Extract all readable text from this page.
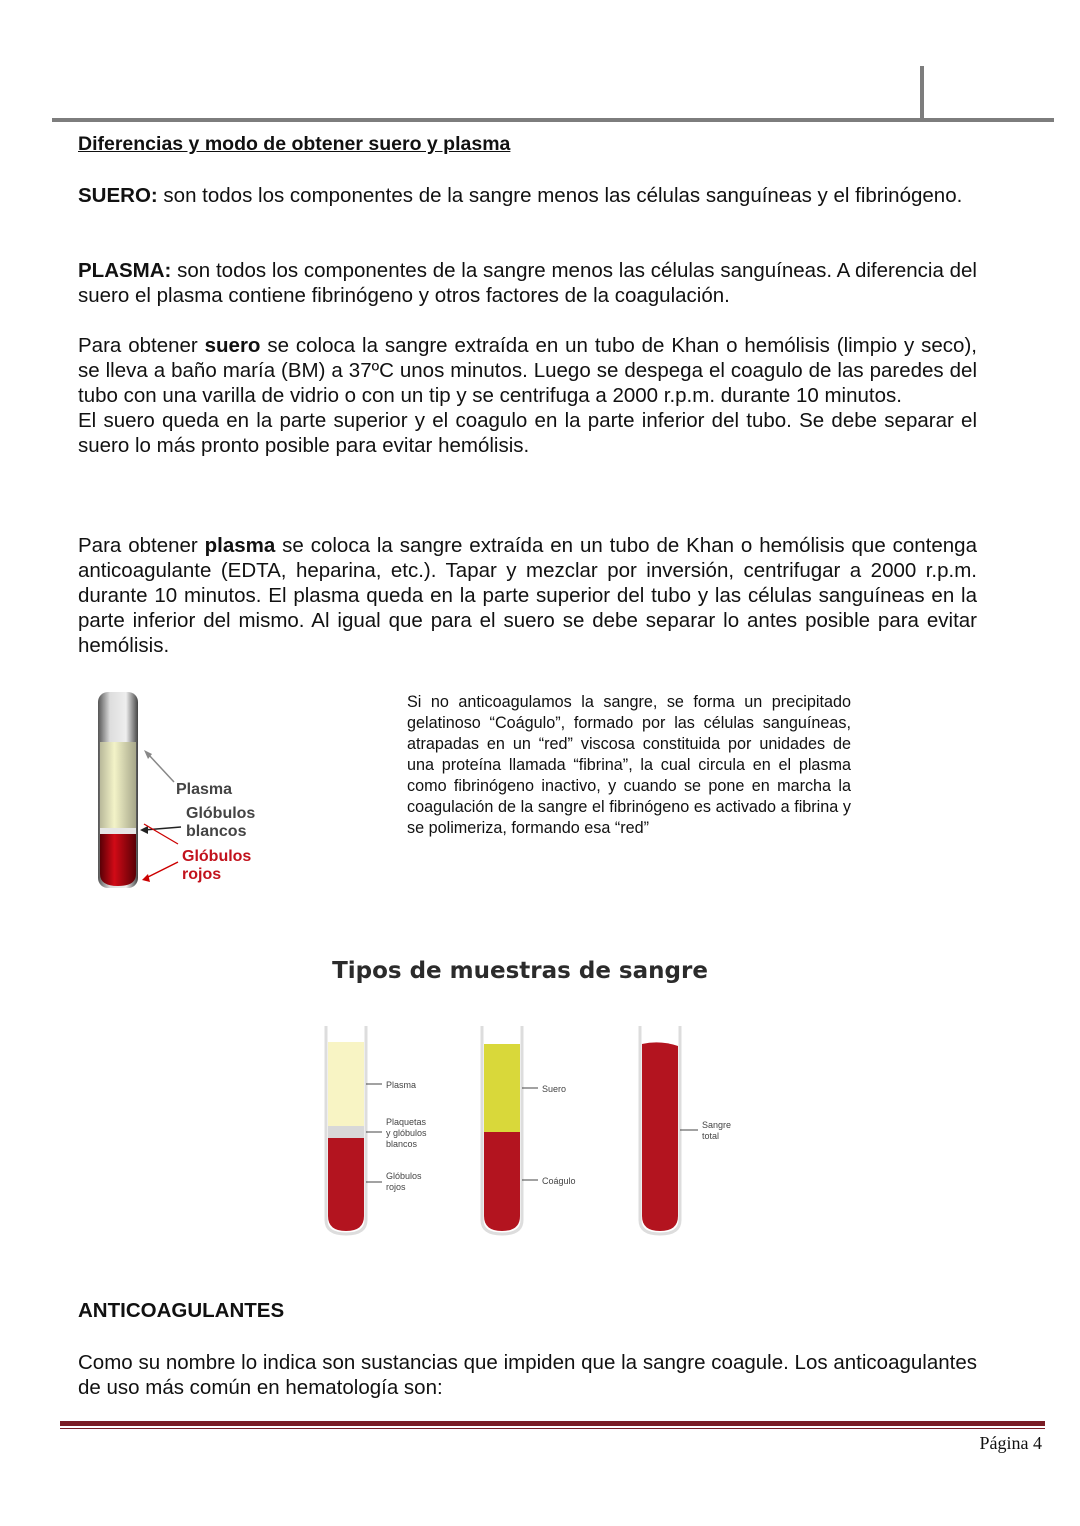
Diferencias y modo de obtener suero y plasma

SUERO: son todos los componentes de la sangre menos las células sanguíneas y el fibrinógeno.

PLASMA: son todos los componentes de la sangre menos las células sanguíneas. A diferencia del suero el plasma contiene fibrinógeno y otros factores de la coagulación.

Para obtener suero se coloca la sangre extraída en un tubo de Khan o hemólisis (limpio y seco), se lleva a baño maría (BM) a 37ºC unos minutos. Luego se despega el coagulo de las paredes del tubo con una varilla de vidrio o con un tip y se centrifuga a 2000 r.p.m. durante 10 minutos.
El suero queda en la parte superior y el coagulo en la parte inferior del tubo. Se debe separar el suero lo más pronto posible para evitar hemólisis.

Para obtener plasma se coloca la sangre extraída en un tubo de Khan o hemólisis que contenga anticoagulante (EDTA, heparina, etc.). Tapar y mezclar por inversión, centrifugar a 2000 r.p.m. durante 10 minutos. El plasma queda en la parte superior del tubo y las células sanguíneas en la parte inferior del mismo. Al igual que para el suero se debe separar lo antes posible para evitar hemólisis.

Plasma
Glóbulos
blancos
Glóbulos
rojos

Si no anticoagulamos la sangre, se forma un precipitado gelatinoso “Coágulo”, formado por las células sanguíneas, atrapadas en un “red” viscosa constituida por unidades de una proteína llamada “fibrina”, la cual circula en el plasma como fibrinógeno inactivo, y cuando se pone en marcha la coagulación de la sangre el fibrinógeno es activado a fibrina y se polimeriza, formando esa “red”

Tipos de muestras de sangre
Plasma
Plaquetas
y glóbulos
blancos
Glóbulos
rojos
Suero
Coágulo
Sangre
total
ANTICOAGULANTES

Como su nombre lo indica son sustancias que impiden que la sangre coagule. Los anticoagulantes de uso más común en hematología son:

Página 4
